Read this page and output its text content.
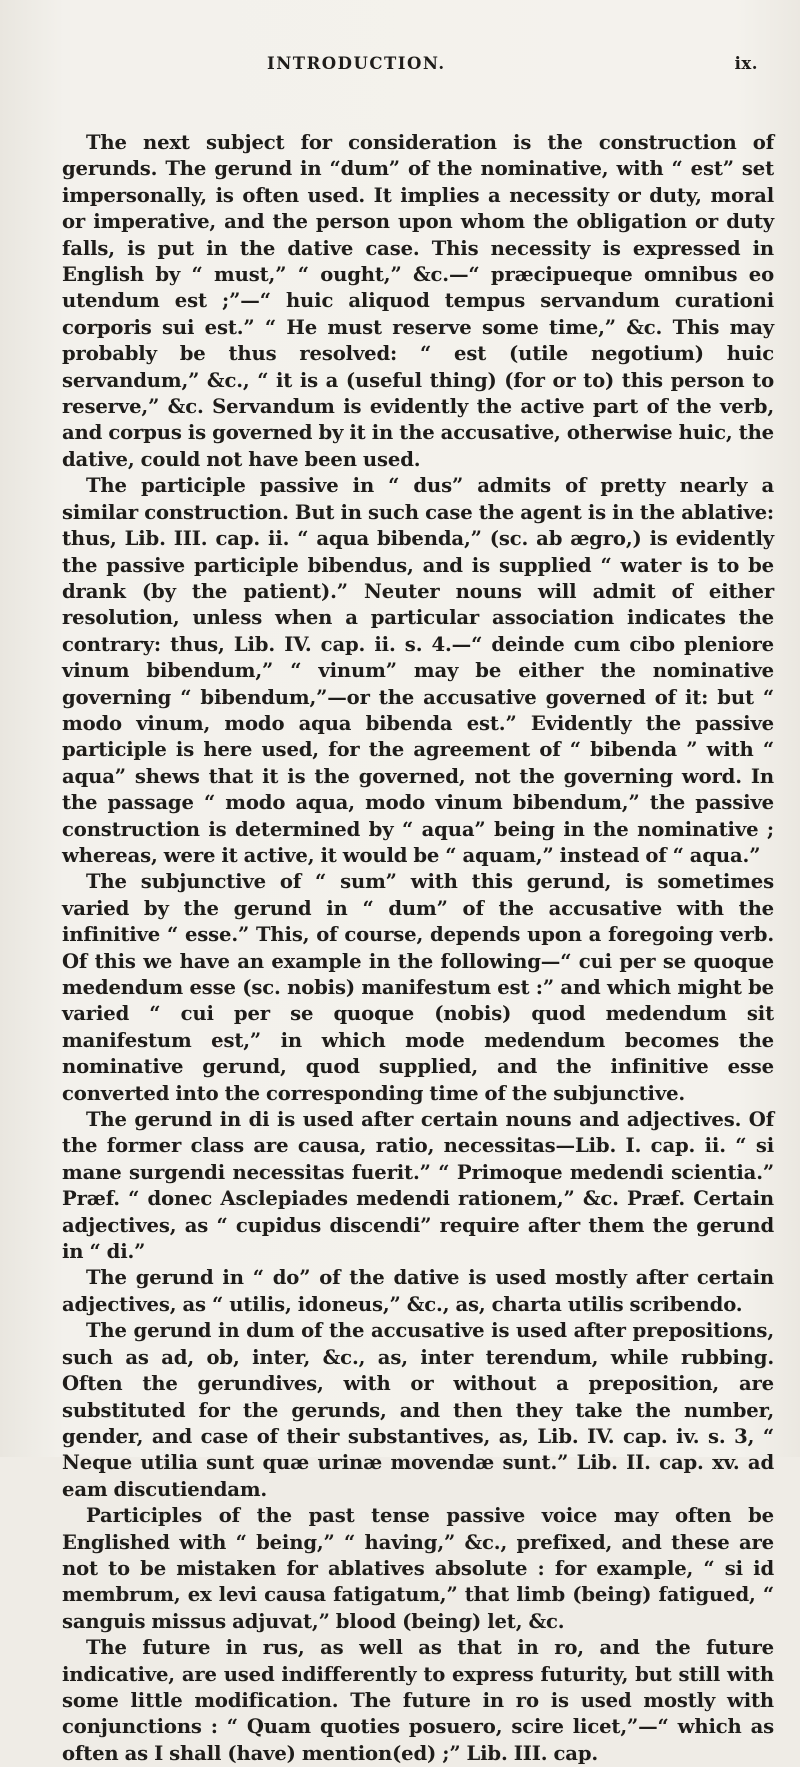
INTRODUCTION.	ix.

The next subject for consideration is the construction of gerunds. The gerund in “dum” of the nominative, with “ est” set impersonally, is often used. It implies a necessity or duty, moral or imperative, and the person upon whom the obligation or duty falls, is put in the dative case. This necessity is expressed in English by “ must,” “ ought,” &c.—“ præcipueque omnibus eo utendum est ;”—“ huic aliquod tempus servandum curationi corporis sui est.” “ He must reserve some time,” &c. This may probably be thus resolved: “ est (utile negotium) huic servandum,” &c., “ it is a (useful thing) (for or to) this person to reserve,” &c. Servandum is evidently the active part of the verb, and corpus is governed by it in the accusative, otherwise huic, the dative, could not have been used.

The participle passive in “ dus” admits of pretty nearly a similar construction. But in such case the agent is in the ablative: thus, Lib. III. cap. ii. “ aqua bibenda,” (sc. ab ægro,) is evidently the passive participle bibendus, and is supplied “ water is to be drank (by the patient).” Neuter nouns will admit of either resolution, unless when a particular association indicates the contrary: thus, Lib. IV. cap. ii. s. 4.—“ deinde cum cibo pleniore vinum bibendum,” “ vinum” may be either the nominative governing “ bibendum,”—or the accusative governed of it: but “ modo vinum, modo aqua bibenda est.” Evidently the passive participle is here used, for the agreement of “ bibenda ” with “ aqua” shews that it is the governed, not the governing word. In the passage “ modo aqua, modo vinum bibendum,” the passive construction is determined by “ aqua” being in the nominative ; whereas, were it active, it would be “ aquam,” instead of “ aqua.”

The subjunctive of “ sum” with this gerund, is sometimes varied by the gerund in “ dum” of the accusative with the infinitive “ esse.” This, of course, depends upon a foregoing verb. Of this we have an example in the following—“ cui per se quoque medendum esse (sc. nobis) manifestum est :” and which might be varied “ cui per se quoque (nobis) quod medendum sit manifestum est,” in which mode medendum becomes the nominative gerund, quod supplied, and the infinitive esse converted into the corresponding time of the subjunctive.

The gerund in di is used after certain nouns and adjectives. Of the former class are causa, ratio, necessitas—Lib. I. cap. ii. “ si mane surgendi necessitas fuerit.” “ Primoque medendi scientia.” Præf. “ donec Asclepiades medendi rationem,” &c. Præf. Certain adjectives, as “ cupidus discendi” require after them the gerund in “ di.”

The gerund in “ do” of the dative is used mostly after certain adjectives, as “ utilis, idoneus,” &c., as, charta utilis scribendo.

The gerund in dum of the accusative is used after prepositions, such as ad, ob, inter, &c., as, inter terendum, while rubbing. Often the gerundives, with or without a preposition, are substituted for the gerunds, and then they take the number, gender, and case of their substantives, as, Lib. IV. cap. iv. s. 3, “ Neque utilia sunt quæ urinæ movendæ sunt.” Lib. II. cap. xv. ad eam discutiendam.

Participles of the past tense passive voice may often be Englished with “ being,” “ having,” &c., prefixed, and these are not to be mistaken for ablatives absolute : for example, “ si id membrum, ex levi causa fatigatum,” that limb (being) fatigued, “ sanguis missus adjuvat,” blood (being) let, &c.

The future in rus, as well as that in ro, and the future indicative, are used indifferently to express futurity, but still with some little modification. The future in ro is used mostly with conjunctions : “ Quam quoties posuero, scire licet,”—“ which as often as I shall (have) mention(ed) ;” Lib. III. cap.
